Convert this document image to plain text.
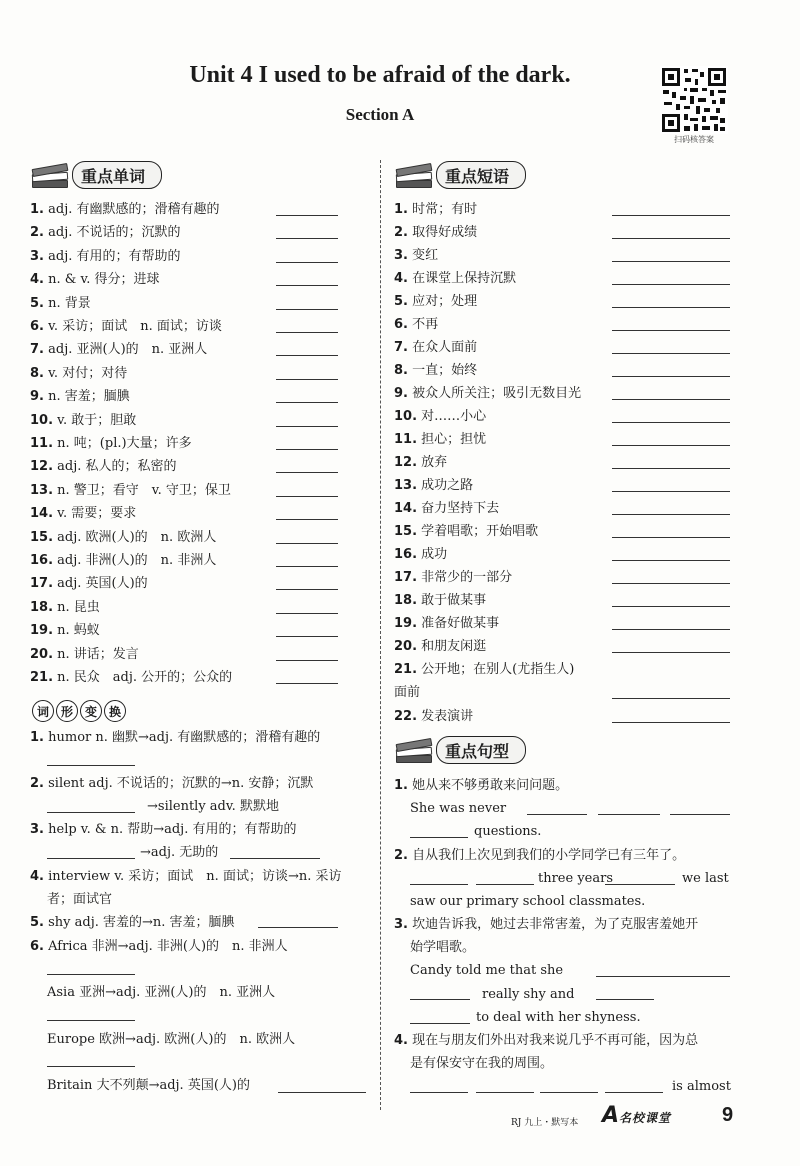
Unit 4 I used to be afraid of the dark.
Section A
扫码核答案
重点单词
1. adj. 有幽默感的；滑稽有趣的
2. adj. 不说话的；沉默的
3. adj. 有用的；有帮助的
4. n. & v. 得分；进球
5. n. 背景
6. v. 采访；面试　n. 面试；访谈
7. adj. 亚洲(人)的　n. 亚洲人
8. v. 对付；对待
9. n. 害羞；腼腆
10. v. 敢于；胆敢
11. n. 吨；(pl.)大量；许多
12. adj. 私人的；私密的
13. n. 警卫；看守　v. 守卫；保卫
14. v. 需要；要求
15. adj. 欧洲(人)的　n. 欧洲人
16. adj. 非洲(人)的　n. 非洲人
17. adj. 英国(人)的
18. n. 昆虫
19. n. 蚂蚁
20. n. 讲话；发言
21. n. 民众　adj. 公开的；公众的
词 形 变 换
1. humor n. 幽默→adj. 有幽默感的；滑稽有趣的
2. silent adj. 不说话的；沉默的→n. 安静；沉默
→silently adv. 默默地
3. help v. & n. 帮助→adj. 有用的；有帮助的
→adj. 无助的
4. interview v. 采访；面试　n. 面试；访谈→n. 采访
者；面试官
5. shy adj. 害羞的→n. 害羞；腼腆
6. Africa 非洲→adj. 非洲(人)的　n. 非洲人
Asia 亚洲→adj. 亚洲(人)的　n. 亚洲人
Europe 欧洲→adj. 欧洲(人)的　n. 欧洲人
Britain 大不列颠→adj. 英国(人)的
重点短语
1. 时常；有时
2. 取得好成绩
3. 变红
4. 在课堂上保持沉默
5. 应对；处理
6. 不再
7. 在众人面前
8. 一直；始终
9. 被众人所关注；吸引无数目光
10. 对……小心
11. 担心；担忧
12. 放弃
13. 成功之路
14. 奋力坚持下去
15. 学着唱歌；开始唱歌
16. 成功
17. 非常少的一部分
18. 敢于做某事
19. 准备好做某事
20. 和朋友闲逛
21. 公开地；在别人(尤指生人)
面前
22. 发表演讲
重点句型
1. 她从来不够勇敢来问问题。
She was never
questions.
2. 自从我们上次见到我们的小学同学已有三年了。
three years	we last
saw our primary school classmates.
3. 坎迪告诉我，她过去非常害羞，为了克服害羞她开
始学唱歌。
Candy told me that she
really shy and
to deal with her shyness.
4. 现在与朋友们外出对我来说几乎不再可能，因为总
是有保安守在我的周围。
is almost
RJ 九上・默写本 A名校课堂	9
